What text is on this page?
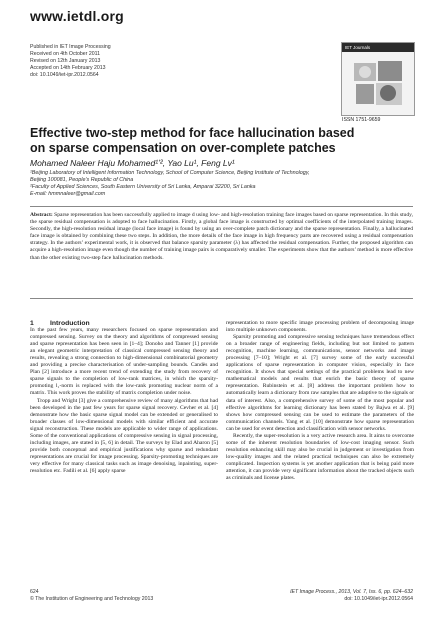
www.ietdl.org
Published in IET Image Processing
Received on 4th October 2011
Revised on 12th January 2013
Accepted on 14th February 2013
doi: 10.1049/iet-ipr.2012.0564
IET Journals
ISSN 1751-9659
Effective two-step method for face hallucination based
on sparse compensation on over-complete patches
Mohamed Naleer Haju Mohamed¹ʼ², Yao Lu¹, Feng Lv¹
¹Beijing Laboratory of Intelligent Information Technology, School of Computer Science, Beijing Institute of Technology,
Beijing 100081, People’s Republic of China
²Faculty of Applied Sciences, South Eastern University of Sri Lanka, Amparai 32200, Sri Lanka
E-mail: hmmnaleer@gmail.com
Abstract: Sparse representation has been successfully applied to image d using low- and high-resolution training face images based on sparse representation. In this study, the sparse residual compensation is adopted to face hallucination. Firstly, a global face image is constructed by optimal coefficients of the interpolated training images. Secondly, the high-resolution residual image (local face image) is found by using an over-complete patch dictionary and the sparse representation. Finally, a hallucinated face image is obtained by combining these two steps. In addition, the more details of the face image in high frequency parts are recovered using a residual compensation strategy. In the authors’ experimental work, it is observed that balance sparsity parameter (λ) has affected the residual compensation. Further, the proposed algorithm can acquire a high-resolution image even though the number of training image pairs is comparatively smaller. The experiments show that the authors’ method is more effective than the other existing two-step face hallucination methods.

1 Introduction

In the past few years, many researchers focused on sparse representation and compressed sensing. Survey on the theory and algorithms of compressed sensing and sparse representation has been seen in [1–4]; Donoho and Tanner [1] provide an elegant geometric interpretation of classical compressed sensing theory and results, revealing a strong connection to high-dimensional combinatorial geometry and providing a precise characterisation of under-sampling bounds. Candès and Plan [2] introduce a more recent trend of extending the study from recovery of sparse signals to the completion of low-rank matrices, in which the sparsity-promoting l₁-norm is replaced with the low-rank promoting nuclear norm of a matrix. This work proves the stability of matrix completion under noise.

Tropp and Wright [3] give a comprehensive review of many algorithms that had been developed in the past few years for sparse signal recovery. Cevher et al. [4] demonstrate how the basic sparse signal model can be extended or generalised to broader classes of low-dimensional models with similar efficient and accurate signal reconstruction. These models are applicable to wider range of applications. Some of the conventional applications of compressive sensing in signal processing, including images, are stated in [5, 6] in detail. The surveys by Elad and Aharon [5] provide both conceptual and empirical justifications why sparse and redundant representations are crucial for image processing. Sparsity-promoting techniques are very effective for many classical tasks such as image denoising, inpainting, super-resolution etc. Fadili et al. [6] apply sparse

representation to more specific image processing problem of decomposing image into multiple unknown components.

Sparsity promoting and compressive sensing techniques have tremendous effect on a broader range of engineering fields, including but not limited to pattern recognition, machine learning, communications, sensor networks and image processing [7–10]; Wright et al. [7] survey some of the early successful applications of sparse representation in computer vision, especially in face recognition. It shows that special settings of the practical problems lead to new mathematical models and results that enrich the basic theory of sparse representation. Rubinstein et al. [8] address the important problem how to automatically learn a dictionary from raw samples that are adaptive to the signals or data of interest. Also, a comprehensive survey of some of the most popular and effective algorithms for learning dictionary has been stated by Bajwa et al. [9] shows how compressed sensing can be used to estimate the parameters of the communication channels. Yang et al. [10] demonstrate how sparse representation can be used for event detection and classification with sensor networks.

Recently, the super-resolution is a very active research area. It aims to overcome some of the inherent resolution boundaries of low-cost imaging sensor. Such resolution enhancing skill may also be crucial in judgement or investigation from low-quality images and the related practical techniques can also be extremely complicated. Inspection systems is yet another application that is being paid more attention, it can provide very significant information about the tracked objects such as criminals and license plates.

624
© The Institution of Engineering and Technology 2013
IET Image Process., 2013, Vol. 7, Iss. 6, pp. 624–632
doi: 10.1049/iet-ipr.2012.0564
